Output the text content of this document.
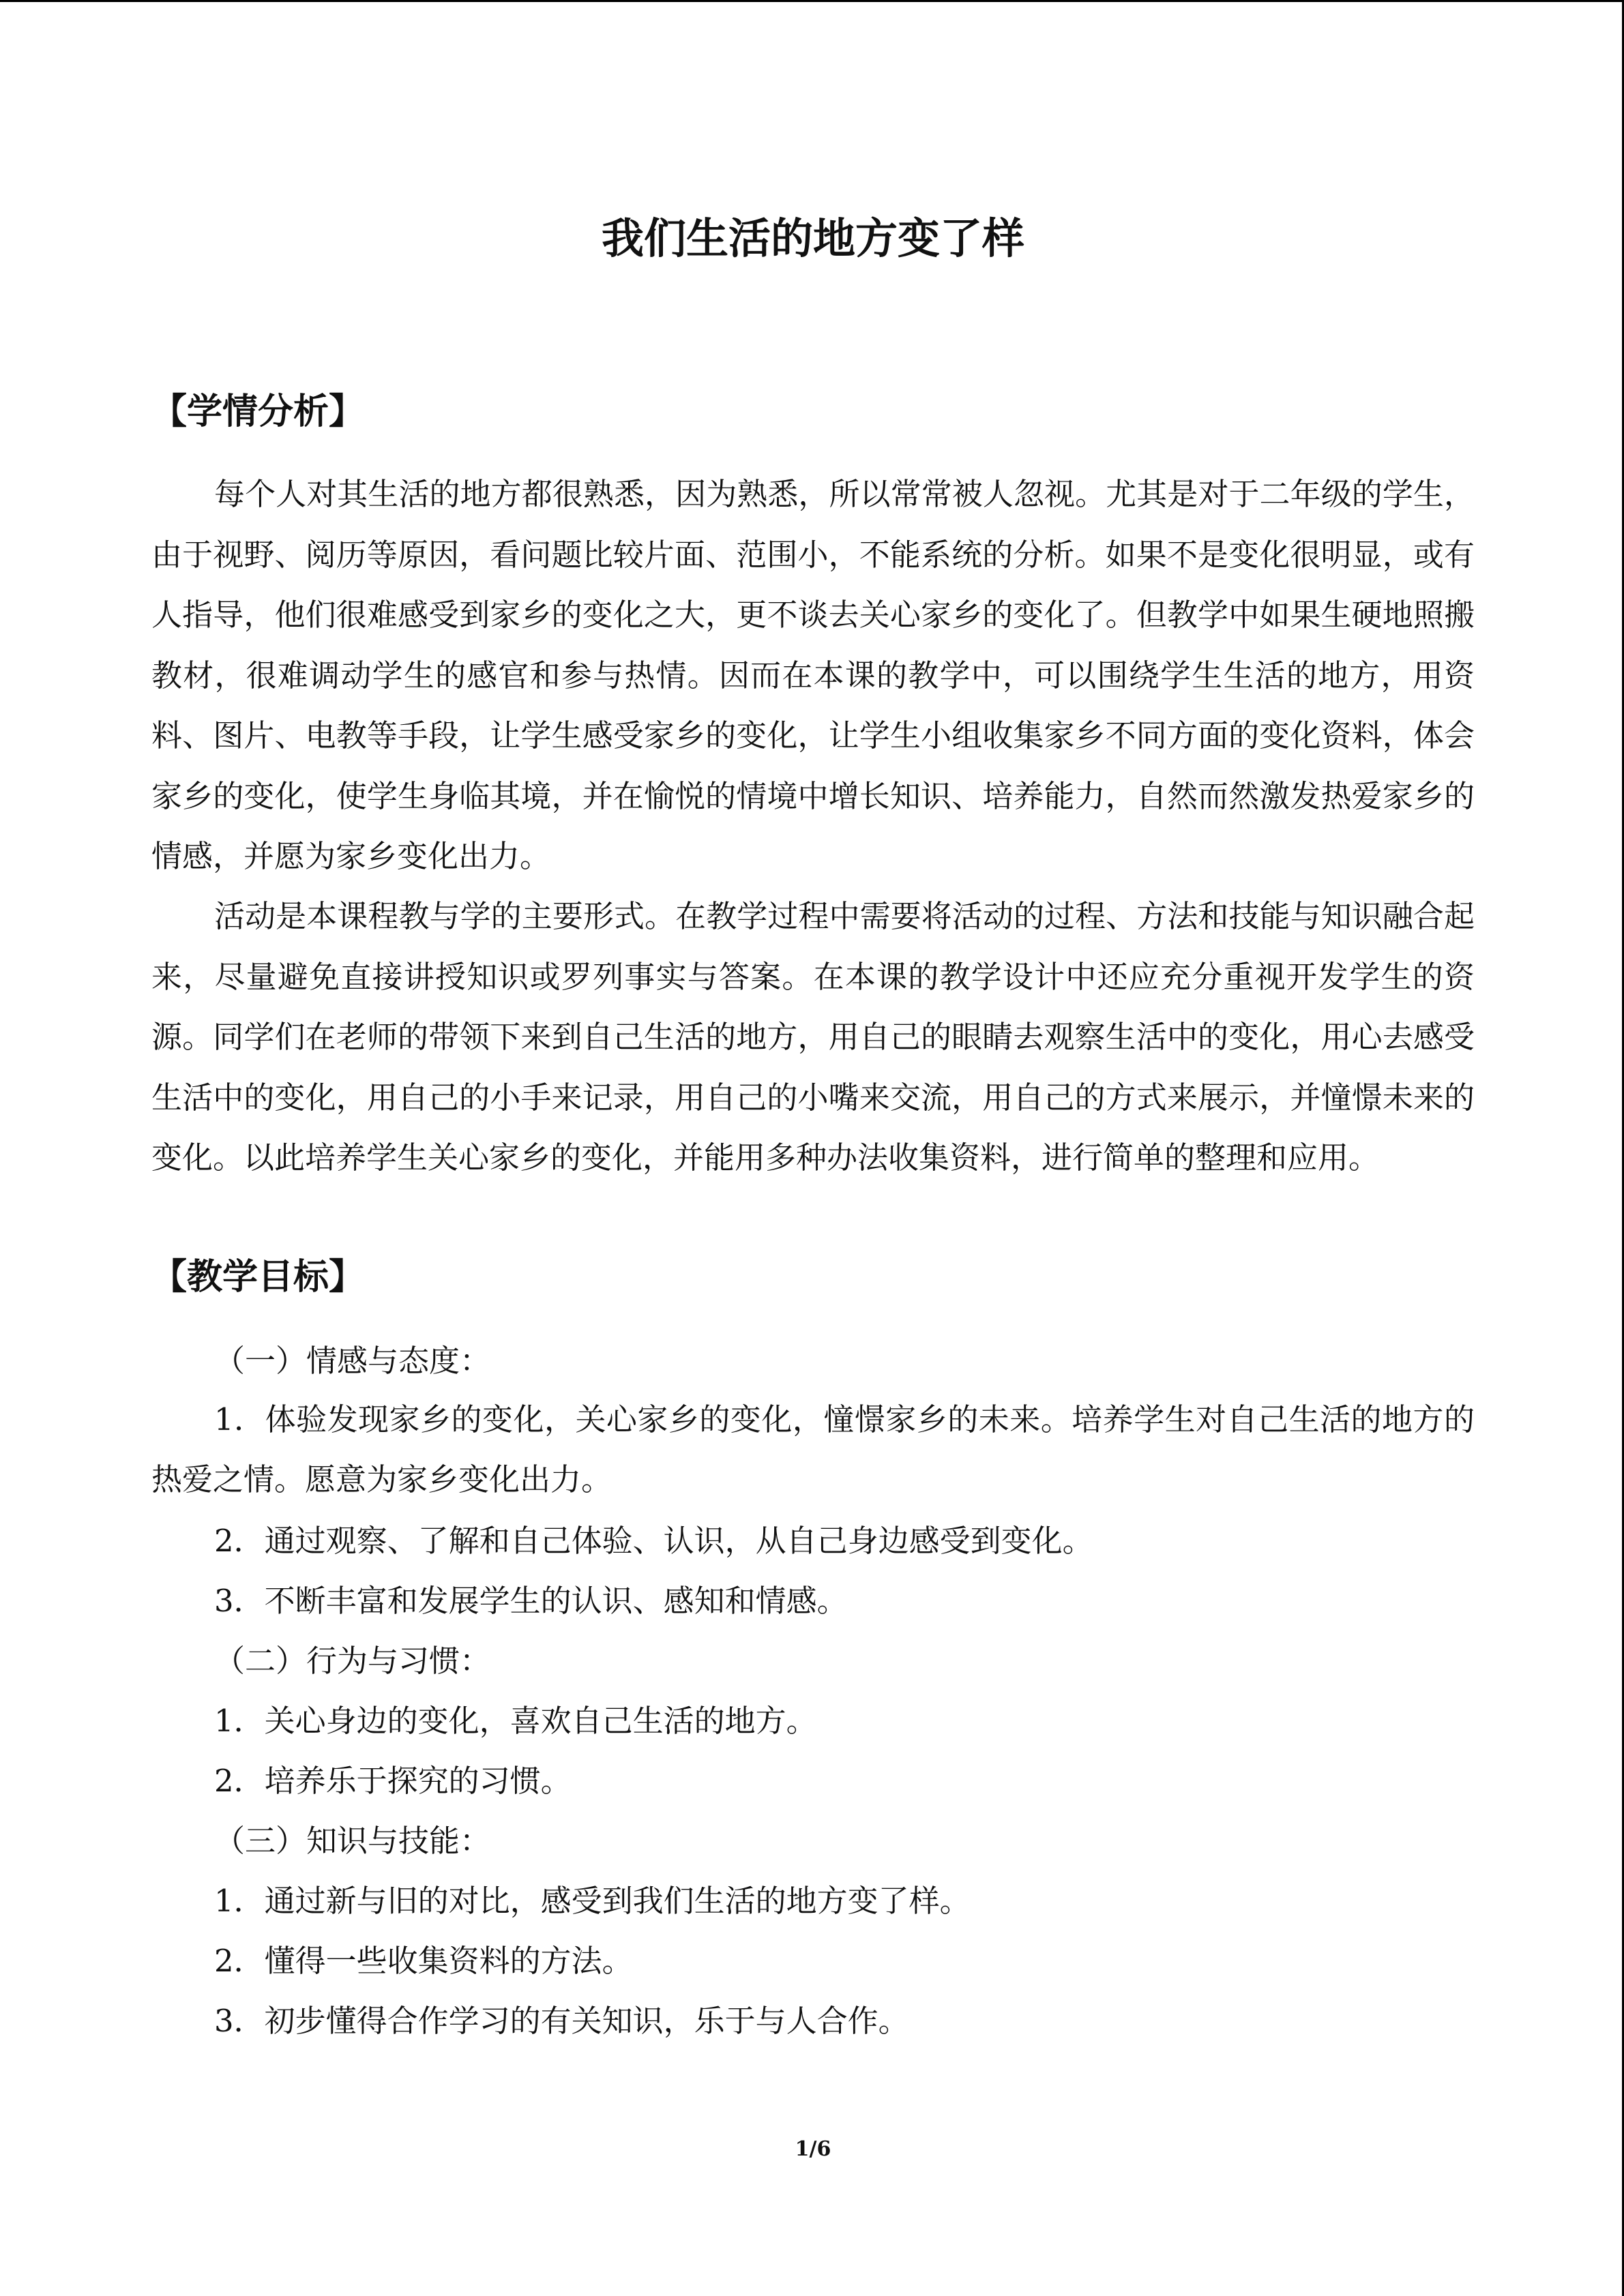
我们生活的地方变了样
【学情分析】

每个人对其生活的地方都很熟悉，因为熟悉，所以常常被人忽视。尤其是对于二年级的学生，由于视野、阅历等原因，看问题比较片面、范围小，不能系统的分析。如果不是变化很明显，或有人指导，他们很难感受到家乡的变化之大，更不谈去关心家乡的变化了。但教学中如果生硬地照搬教材，很难调动学生的感官和参与热情。因而在本课的教学中，可以围绕学生生活的地方，用资料、图片、电教等手段，让学生感受家乡的变化，让学生小组收集家乡不同方面的变化资料，体会家乡的变化，使学生身临其境，并在愉悦的情境中增长知识、培养能力，自然而然激发热爱家乡的情感，并愿为家乡变化出力。

活动是本课程教与学的主要形式。在教学过程中需要将活动的过程、方法和技能与知识融合起来，尽量避免直接讲授知识或罗列事实与答案。在本课的教学设计中还应充分重视开发学生的资源。同学们在老师的带领下来到自己生活的地方，用自己的眼睛去观察生活中的变化，用心去感受生活中的变化，用自己的小手来记录，用自己的小嘴来交流，用自己的方式来展示，并憧憬未来的变化。以此培养学生关心家乡的变化，并能用多种办法收集资料，进行简单的整理和应用。

【教学目标】
（一）情感与态度：

1．体验发现家乡的变化，关心家乡的变化，憧憬家乡的未来。培养学生对自己生活的地方的热爱之情。愿意为家乡变化出力。

2．通过观察、了解和自己体验、认识，从自己身边感受到变化。
3．不断丰富和发展学生的认识、感知和情感。
（二）行为与习惯：
1．关心身边的变化，喜欢自己生活的地方。
2．培养乐于探究的习惯。
（三）知识与技能：
1．通过新与旧的对比，感受到我们生活的地方变了样。
2．懂得一些收集资料的方法。
3．初步懂得合作学习的有关知识，乐于与人合作。
1/6
